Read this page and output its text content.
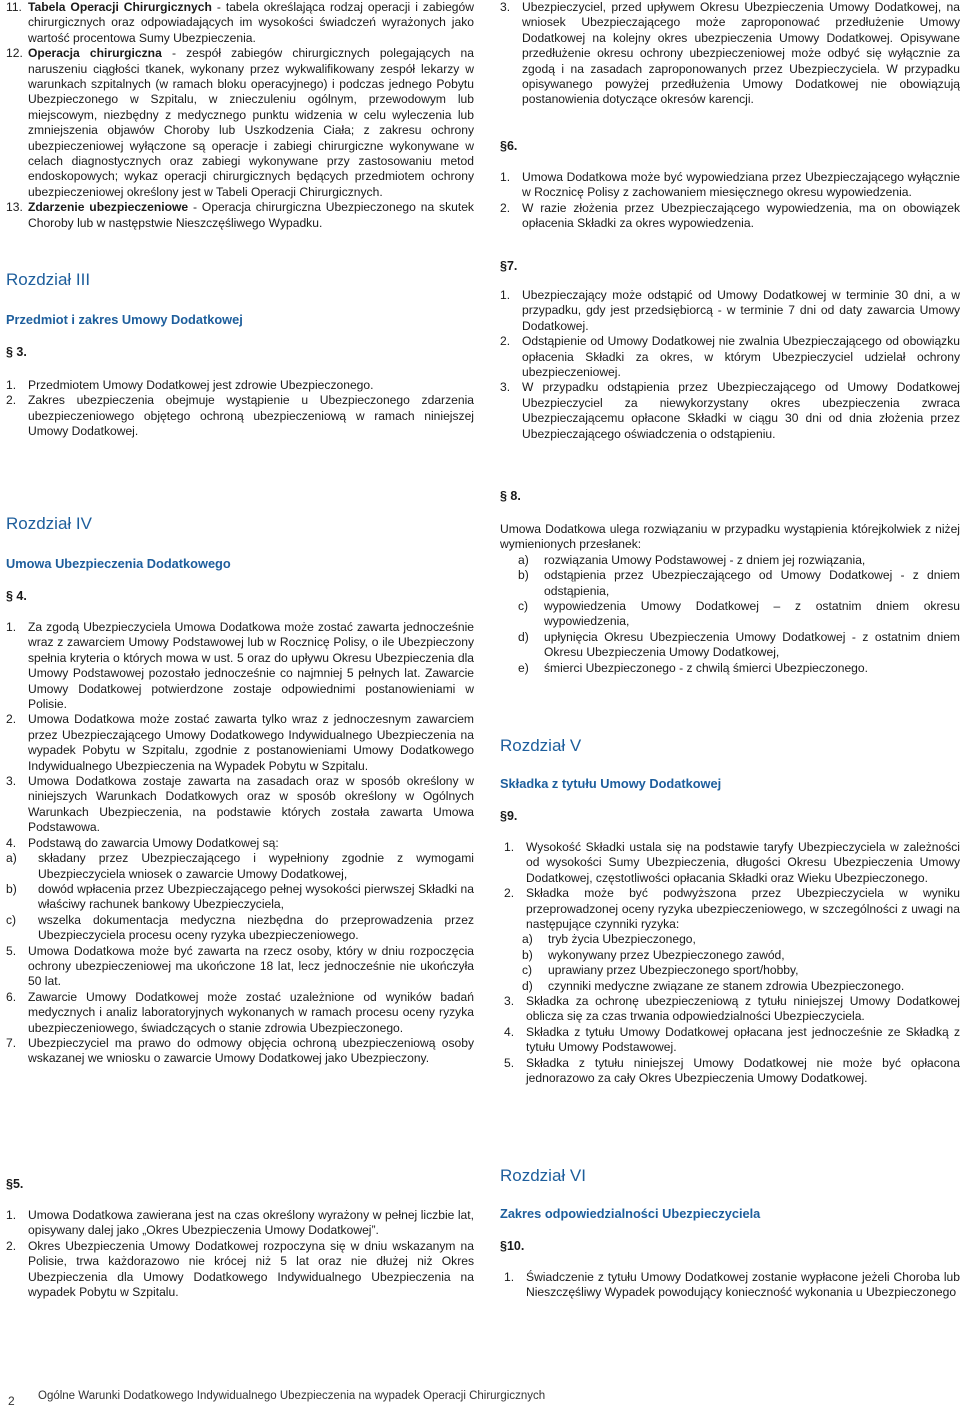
11. Tabela Operacji Chirurgicznych - tabela określająca rodzaj operacji i zabiegów chirurgicznych oraz odpowiadających im wysokości świadczeń wyrażonych jako wartość procentowa Sumy Ubezpieczenia.
12. Operacja chirurgiczna - zespół zabiegów chirurgicznych polegających na naruszeniu ciągłości tkanek, wykonany przez wykwalifikowany zespół lekarzy w warunkach szpitalnych (w ramach bloku operacyjnego) i podczas jednego Pobytu Ubezpieczonego w Szpitalu, w znieczuleniu ogólnym, przewodowym lub miejscowym, niezbędny z medycznego punktu widzenia w celu wyleczenia lub zmniejszenia objawów Choroby lub Uszkodzenia Ciała; z zakresu ochrony ubezpieczeniowej wyłączone są operacje i zabiegi chirurgiczne wykonywane w celach diagnostycznych oraz zabiegi wykonywane przy zastosowaniu metod endoskopowych; wykaz operacji chirurgicznych będących przedmiotem ochrony ubezpieczeniowej określony jest w Tabeli Operacji Chirurgicznych.
13. Zdarzenie ubezpieczeniowe - Operacja chirurgiczna Ubezpieczonego na skutek Choroby lub w następstwie Nieszczęśliwego Wypadku.
Rozdział III
Przedmiot i zakres Umowy Dodatkowej
§ 3.
1. Przedmiotem Umowy Dodatkowej jest zdrowie Ubezpieczonego.
2. Zakres ubezpieczenia obejmuje wystąpienie u Ubezpieczonego zdarzenia ubezpieczeniowego objętego ochroną ubezpieczeniową w ramach niniejszej Umowy Dodatkowej.
Rozdział IV
Umowa Ubezpieczenia Dodatkowego
§ 4.
1. Za zgodą Ubezpieczyciela Umowa Dodatkowa może zostać zawarta jednocześnie wraz z zawarciem Umowy Podstawowej lub w Rocznicę Polisy, o ile Ubezpieczony spełnia kryteria o których mowa w ust. 5 oraz do upływu Okresu Ubezpieczenia dla Umowy Podstawowej pozostało jednocześnie co najmniej 5 pełnych lat. Zawarcie Umowy Dodatkowej potwierdzone zostaje odpowiednimi postanowieniami w Polisie.
2. Umowa Dodatkowa może zostać zawarta tylko wraz z jednoczesnym zawarciem przez Ubezpieczającego Umowy Dodatkowego Indywidualnego Ubezpieczenia na wypadek Pobytu w Szpitalu, zgodnie z postanowieniami Umowy Dodatkowego Indywidualnego Ubezpieczenia na Wypadek Pobytu w Szpitalu.
3. Umowa Dodatkowa zostaje zawarta na zasadach oraz w sposób określony w niniejszych Warunkach Dodatkowych oraz w sposób określony w Ogólnych Warunkach Ubezpieczenia, na podstawie których została zawarta Umowa Podstawowa.
4. Podstawą do zawarcia Umowy Dodatkowej są:
a)	składany przez Ubezpieczającego i wypełniony zgodnie z wymogami Ubezpieczyciela wniosek o zawarcie Umowy Dodatkowej,
b)	dowód wpłacenia przez Ubezpieczającego pełnej wysokości pierwszej Składki na właściwy rachunek bankowy Ubezpieczyciela,
c)	wszelka dokumentacja medyczna niezbędna do przeprowadzenia przez Ubezpieczyciela procesu oceny ryzyka ubezpieczeniowego.
5. Umowa Dodatkowa może być zawarta na rzecz osoby, który w dniu rozpoczęcia ochrony ubezpieczeniowej ma ukończone 18 lat, lecz jednocześnie nie ukończyła 50 lat.
6. Zawarcie Umowy Dodatkowej może zostać uzależnione od wyników badań medycznych i analiz laboratoryjnych wykonanych w ramach procesu oceny ryzyka ubezpieczeniowego, świadczących o stanie zdrowia Ubezpieczonego.
7. Ubezpieczyciel ma prawo do odmowy objęcia ochroną ubezpieczeniową osoby wskazanej we wniosku o zawarcie Umowy Dodatkowej jako Ubezpieczony.
§5.
1. Umowa Dodatkowa zawierana jest na czas określony wyrażony w pełnej liczbie lat, opisywany dalej jako „Okres Ubezpieczenia Umowy Dodatkowej”.
2. Okres Ubezpieczenia Umowy Dodatkowej rozpoczyna się w dniu wskazanym na Polisie, trwa każdorazowo nie krócej niż 5 lat oraz nie dłużej niż Okres Ubezpieczenia dla Umowy Dodatkowego Indywidualnego Ubezpieczenia na wypadek Pobytu w Szpitalu.
3. Ubezpieczyciel, przed upływem Okresu Ubezpieczenia Umowy Dodatkowej, na wniosek Ubezpieczającego może zaproponować przedłużenie Umowy Dodatkowej na kolejny okres ubezpieczenia Umowy Dodatkowej. Opisywane przedłużenie okresu ochrony ubezpieczeniowej może odbyć się wyłącznie za zgodą i na zasadach zaproponowanych przez Ubezpieczyciela. W przypadku opisywanego powyżej przedłużenia Umowy Dodatkowej nie obowiązują postanowienia dotyczące okresów karencji.
§6.
1. Umowa Dodatkowa może być wypowiedziana przez Ubezpieczającego wyłącznie w Rocznicę Polisy z zachowaniem miesięcznego okresu wypowiedzenia.
2. W razie złożenia przez Ubezpieczającego wypowiedzenia, ma on obowiązek opłacenia Składki za okres wypowiedzenia.
§7.
1. Ubezpieczający może odstąpić od Umowy Dodatkowej w terminie 30 dni, a w przypadku, gdy jest przedsiębiorcą - w terminie 7 dni od daty zawarcia Umowy Dodatkowej.
2. Odstąpienie od Umowy Dodatkowej nie zwalnia Ubezpieczającego od obowiązku opłacenia Składki za okres, w którym Ubezpieczyciel udzielał ochrony ubezpieczeniowej.
3. W przypadku odstąpienia przez Ubezpieczającego od Umowy Dodatkowej Ubezpieczyciel za niewykorzystany okres ubezpieczenia zwraca Ubezpieczającemu opłacone Składki w ciągu 30 dni od dnia złożenia przez Ubezpieczającego oświadczenia o odstąpieniu.
§ 8.
Umowa Dodatkowa ulega rozwiązaniu w przypadku wystąpienia którejkolwiek z niżej wymienionych przesłanek:
a)	rozwiązania Umowy Podstawowej - z dniem jej rozwiązania,
b)	odstąpienia przez Ubezpieczającego od Umowy Dodatkowej - z dniem odstąpienia,
c)	wypowiedzenia Umowy Dodatkowej – z ostatnim dniem okresu wypowiedzenia,
d)	upłynięcia Okresu Ubezpieczenia Umowy Dodatkowej - z ostatnim dniem Okresu Ubezpieczenia Umowy Dodatkowej,
e)	śmierci Ubezpieczonego - z chwilą śmierci Ubezpieczonego.
Rozdział V
Składka z tytułu Umowy Dodatkowej
§9.
1. Wysokość Składki ustala się na podstawie taryfy Ubezpieczyciela w zależności od wysokości Sumy Ubezpieczenia, długości Okresu Ubezpieczenia Umowy Dodatkowej, częstotliwości opłacania Składki oraz Wieku Ubezpieczonego.
2. Składka może być podwyższona przez Ubezpieczyciela w wyniku przeprowadzonej oceny ryzyka ubezpieczeniowego, w szczególności z uwagi na następujące czynniki ryzyka:
a)	tryb życia Ubezpieczonego,
b)	wykonywany przez Ubezpieczonego zawód,
c)	uprawiany przez Ubezpieczonego sport/hobby,
d)	czynniki medyczne związane ze stanem zdrowia Ubezpieczonego.
3. Składka za ochronę ubezpieczeniową z tytułu niniejszej Umowy Dodatkowej oblicza się za czas trwania odpowiedzialności Ubezpieczyciela.
4. Składka z tytułu Umowy Dodatkowej opłacana jest jednocześnie ze Składką z tytułu Umowy Podstawowej.
5. Składka z tytułu niniejszej Umowy Dodatkowej nie może być opłacona jednorazowo za cały Okres Ubezpieczenia Umowy Dodatkowej.
Rozdział VI
Zakres odpowiedzialności Ubezpieczyciela
§10.
1. Świadczenie z tytułu Umowy Dodatkowej zostanie wypłacone jeżeli Choroba lub Nieszczęśliwy Wypadek powodujący konieczność wykonania u Ubezpieczonego
2 Ogólne Warunki Dodatkowego Indywidualnego Ubezpieczenia na wypadek Operacji Chirurgicznych
